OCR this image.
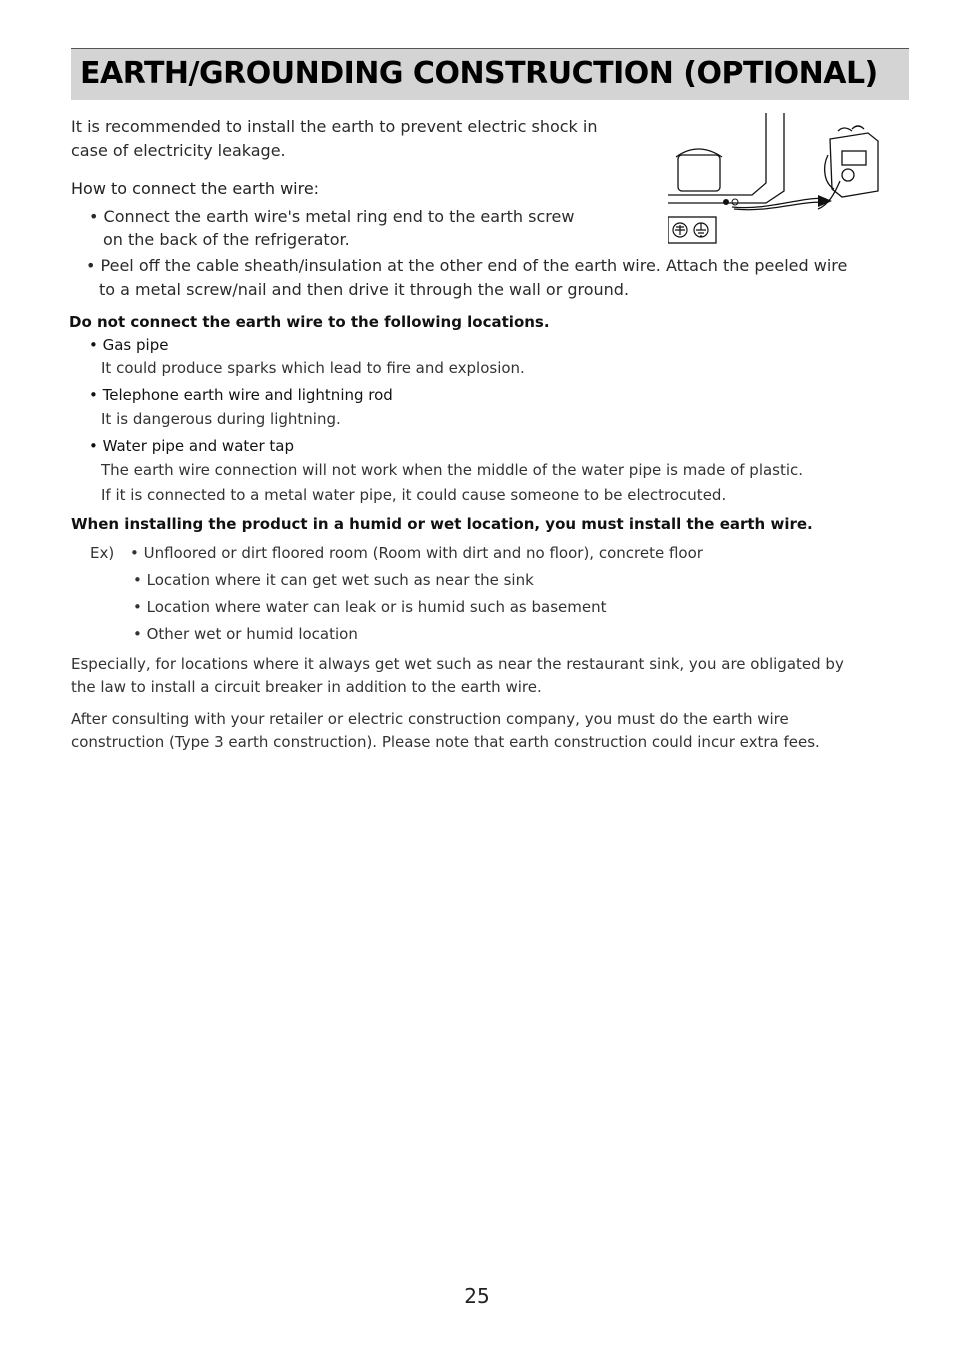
EARTH/GROUNDING CONSTRUCTION (OPTIONAL)
It is recommended to install the earth to prevent electric shock in
case of electricity leakage.
How to connect the earth wire:
• Connect the earth wire's metal ring end to the earth screw
on the back of the refrigerator.
• Peel off the cable sheath/insulation at the other end of the earth wire. Attach the peeled wire
to a metal screw/nail and then drive it through the wall or ground.
Do not connect the earth wire to the following locations.
• Gas pipe
It could produce sparks which lead to fire and explosion.
• Telephone earth wire and lightning rod
It is dangerous during lightning.
• Water pipe and water tap
The earth wire connection will not work when the middle of the water pipe is made of plastic.
If it is connected to a metal water pipe, it could cause someone to be electrocuted.
When installing the product in a humid or wet location, you must install the earth wire.
Ex) • Unfloored or dirt floored room (Room with dirt and no floor), concrete floor
• Location where it can get wet such as near the sink
• Location where water can leak or is humid such as basement
• Other wet or humid location
Especially, for locations where it always get wet such as near the restaurant sink, you are obligated by
the law to install a circuit breaker in addition to the earth wire.
After consulting with your retailer or electric construction company, you must do the earth wire
construction (Type 3 earth construction). Please note that earth construction could incur extra fees.
25
